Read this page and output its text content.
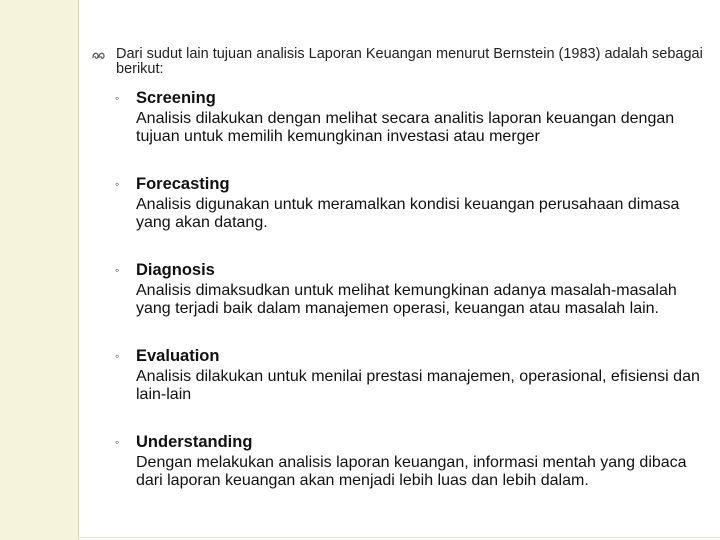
Dari sudut lain tujuan analisis Laporan Keuangan menurut Bernstein (1983) adalah sebagai berikut:

◦ Screening

Analisis dilakukan dengan melihat secara analitis laporan keuangan dengan tujuan untuk memilih kemungkinan investasi atau merger

◦ Forecasting

Analisis digunakan untuk meramalkan kondisi keuangan perusahaan dimasa yang akan datang.

◦ Diagnosis

Analisis dimaksudkan untuk melihat kemungkinan adanya masalah-masalah yang terjadi baik dalam manajemen operasi, keuangan atau masalah lain.

◦ Evaluation

Analisis dilakukan untuk menilai prestasi manajemen, operasional, efisiensi dan lain-lain

◦ Understanding

Dengan melakukan analisis laporan keuangan, informasi mentah yang dibaca dari laporan keuangan akan menjadi lebih luas dan lebih dalam.
